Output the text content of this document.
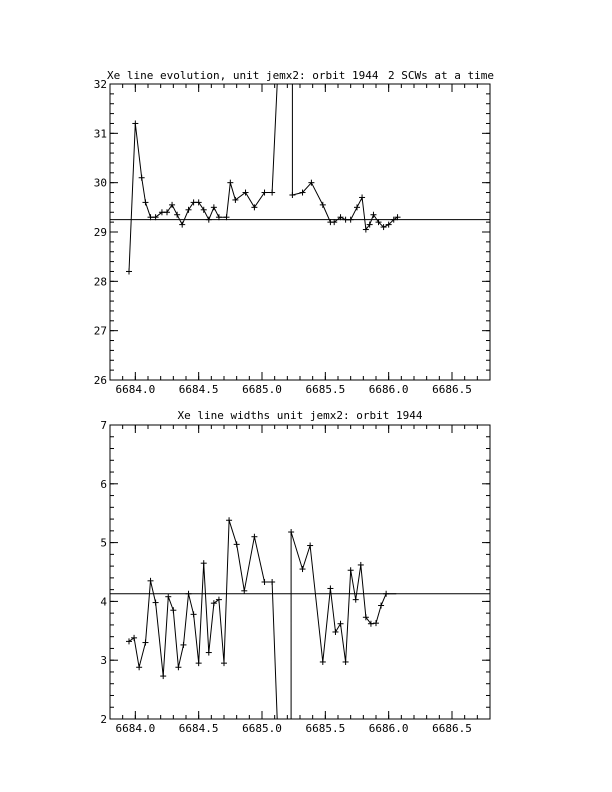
Xe line evolution, unit jemx2: orbit 1944 2 SCWs at a time
6684.0 6684.5 6685.0 6685.5 6686.0 6686.5
26
27
28
29
30
31
32
Xe line widths unit jemx2: orbit 1944
6684.0 6684.5 6685.0 6685.5 6686.0 6686.5
2
3
4
5
6
7
